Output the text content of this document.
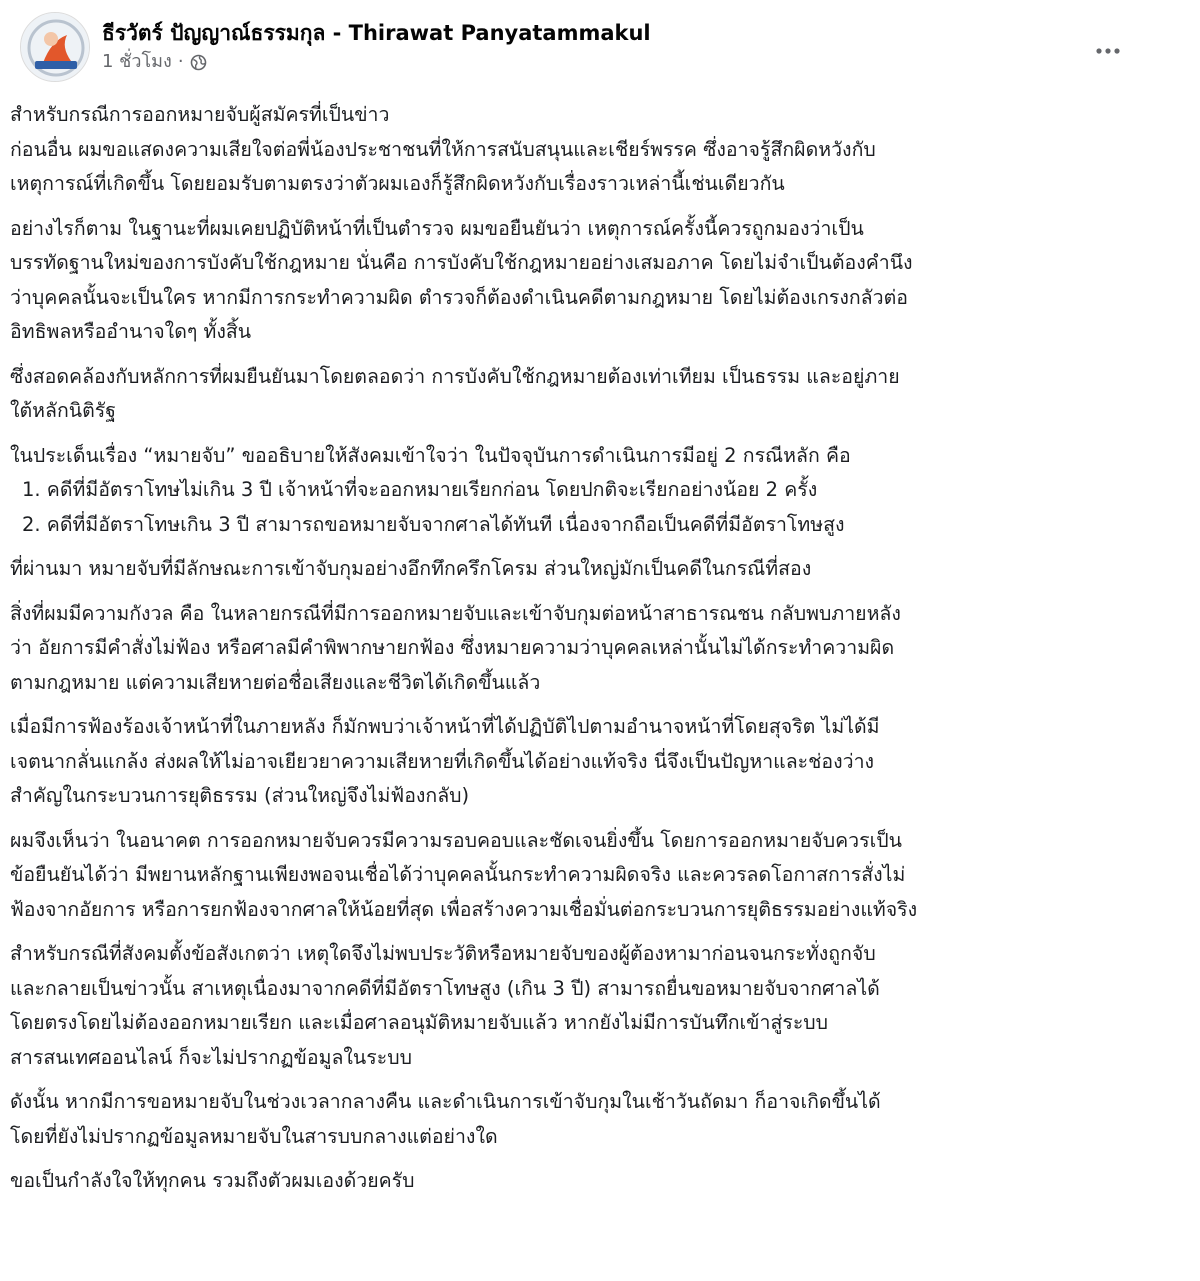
ธีรวัตร์ ปัญญาณ์ธรรมกุล - Thirawat Panyatammakul
1 ชั่วโมง ·
สำหรับกรณีการออกหมายจับผู้สมัครที่เป็นข่าว
ก่อนอื่น ผมขอแสดงความเสียใจต่อพี่น้องประชาชนที่ให้การสนับสนุนและเชียร์พรรค ซึ่งอาจรู้สึกผิดหวังกับ
เหตุการณ์ที่เกิดขึ้น โดยยอมรับตามตรงว่าตัวผมเองก็รู้สึกผิดหวังกับเรื่องราวเหล่านี้เช่นเดียวกัน
อย่างไรก็ตาม ในฐานะที่ผมเคยปฏิบัติหน้าที่เป็นตำรวจ ผมขอยืนยันว่า เหตุการณ์ครั้งนี้ควรถูกมองว่าเป็น
บรรทัดฐานใหม่ของการบังคับใช้กฎหมาย นั่นคือ การบังคับใช้กฎหมายอย่างเสมอภาค โดยไม่จำเป็นต้องคำนึง
ว่าบุคคลนั้นจะเป็นใคร หากมีการกระทำความผิด ตำรวจก็ต้องดำเนินคดีตามกฎหมาย โดยไม่ต้องเกรงกลัวต่อ
อิทธิพลหรืออำนาจใดๆ ทั้งสิ้น
ซึ่งสอดคล้องกับหลักการที่ผมยืนยันมาโดยตลอดว่า การบังคับใช้กฎหมายต้องเท่าเทียม เป็นธรรม และอยู่ภาย
ใต้หลักนิติรัฐ
ในประเด็นเรื่อง “หมายจับ” ขออธิบายให้สังคมเข้าใจว่า ในปัจจุบันการดำเนินการมีอยู่ 2 กรณีหลัก คือ
1. คดีที่มีอัตราโทษไม่เกิน 3 ปี เจ้าหน้าที่จะออกหมายเรียกก่อน โดยปกติจะเรียกอย่างน้อย 2 ครั้ง
2. คดีที่มีอัตราโทษเกิน 3 ปี สามารถขอหมายจับจากศาลได้ทันที เนื่องจากถือเป็นคดีที่มีอัตราโทษสูง
ที่ผ่านมา หมายจับที่มีลักษณะการเข้าจับกุมอย่างอึกทึกครึกโครม ส่วนใหญ่มักเป็นคดีในกรณีที่สอง
สิ่งที่ผมมีความกังวล คือ ในหลายกรณีที่มีการออกหมายจับและเข้าจับกุมต่อหน้าสาธารณชน กลับพบภายหลัง
ว่า อัยการมีคำสั่งไม่ฟ้อง หรือศาลมีคำพิพากษายกฟ้อง ซึ่งหมายความว่าบุคคลเหล่านั้นไม่ได้กระทำความผิด
ตามกฎหมาย แต่ความเสียหายต่อชื่อเสียงและชีวิตได้เกิดขึ้นแล้ว
เมื่อมีการฟ้องร้องเจ้าหน้าที่ในภายหลัง ก็มักพบว่าเจ้าหน้าที่ได้ปฏิบัติไปตามอำนาจหน้าที่โดยสุจริต ไม่ได้มี
เจตนากลั่นแกล้ง ส่งผลให้ไม่อาจเยียวยาความเสียหายที่เกิดขึ้นได้อย่างแท้จริง นี่จึงเป็นปัญหาและช่องว่าง
สำคัญในกระบวนการยุติธรรม (ส่วนใหญ่จึงไม่ฟ้องกลับ)
ผมจึงเห็นว่า ในอนาคต การออกหมายจับควรมีความรอบคอบและชัดเจนยิ่งขึ้น โดยการออกหมายจับควรเป็น
ข้อยืนยันได้ว่า มีพยานหลักฐานเพียงพอจนเชื่อได้ว่าบุคคลนั้นกระทำความผิดจริง และควรลดโอกาสการสั่งไม่
ฟ้องจากอัยการ หรือการยกฟ้องจากศาลให้น้อยที่สุด เพื่อสร้างความเชื่อมั่นต่อกระบวนการยุติธรรมอย่างแท้จริง
สำหรับกรณีที่สังคมตั้งข้อสังเกตว่า เหตุใดจึงไม่พบประวัติหรือหมายจับของผู้ต้องหามาก่อนจนกระทั่งถูกจับ
และกลายเป็นข่าวนั้น สาเหตุเนื่องมาจากคดีที่มีอัตราโทษสูง (เกิน 3 ปี) สามารถยื่นขอหมายจับจากศาลได้
โดยตรงโดยไม่ต้องออกหมายเรียก และเมื่อศาลอนุมัติหมายจับแล้ว หากยังไม่มีการบันทึกเข้าสู่ระบบ
สารสนเทศออนไลน์ ก็จะไม่ปรากฏข้อมูลในระบบ
ดังนั้น หากมีการขอหมายจับในช่วงเวลากลางคืน และดำเนินการเข้าจับกุมในเช้าวันถัดมา ก็อาจเกิดขึ้นได้
โดยที่ยังไม่ปรากฏข้อมูลหมายจับในสารบบกลางแต่อย่างใด
ขอเป็นกำลังใจให้ทุกคน รวมถึงตัวผมเองด้วยครับ
